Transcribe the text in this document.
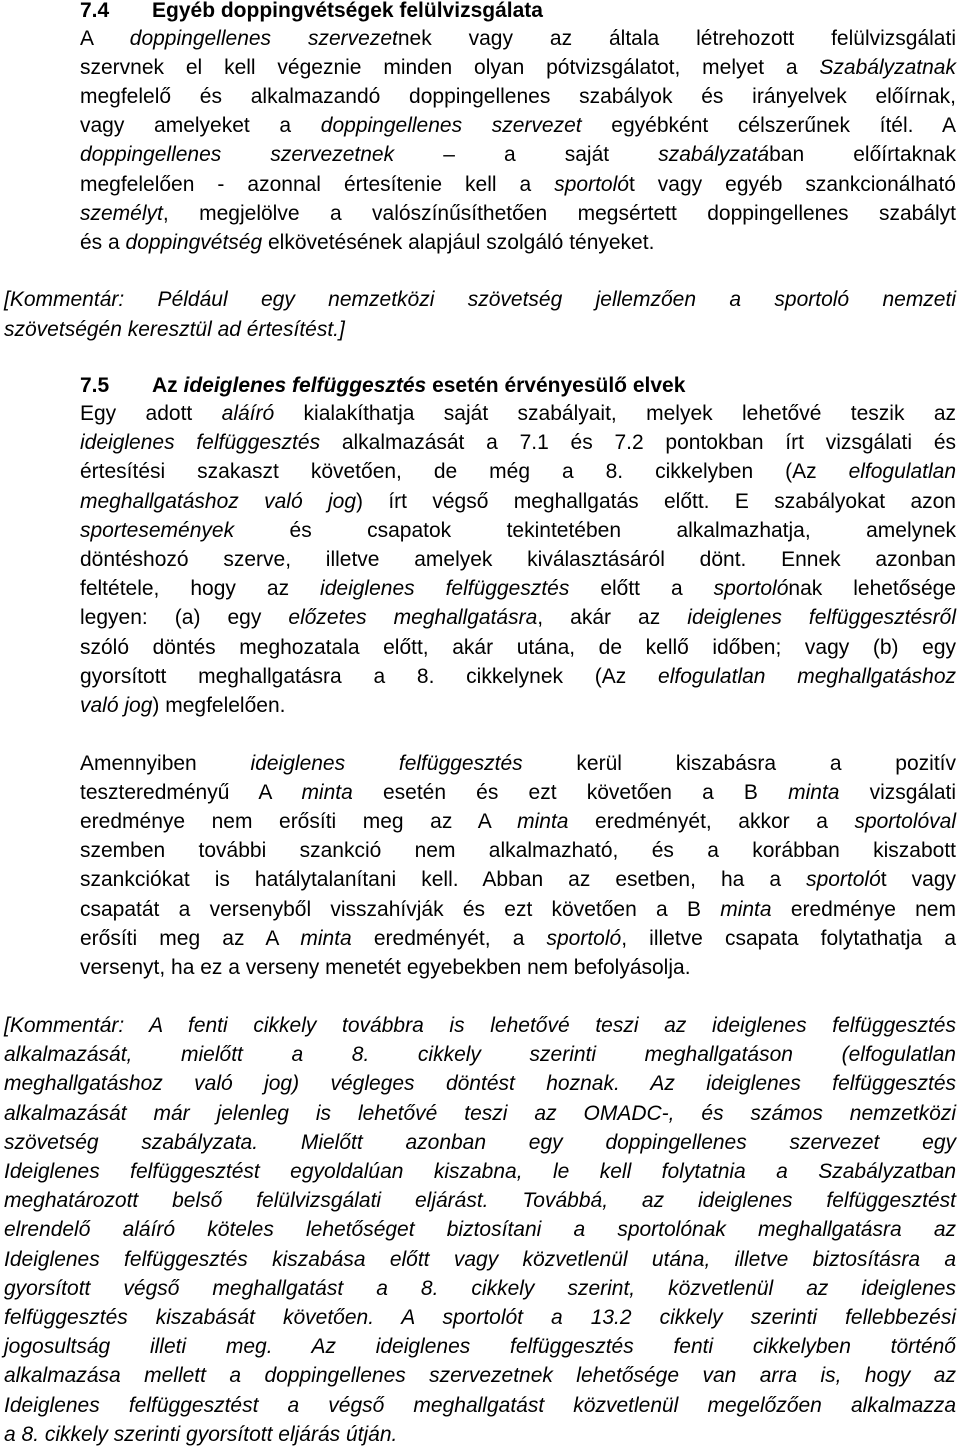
7.4 Egyéb doppingvétségek felülvizsgálata
A doppingellenes szervezetnek vagy az általa létrehozott felülvizsgálati
szervnek el kell végeznie minden olyan pótvizsgálatot, melyet a Szabályzatnak
megfelelő és alkalmazandó doppingellenes szabályok és irányelvek előírnak,
vagy amelyeket a doppingellenes szervezet egyébként célszerűnek ítél. A
doppingellenes szervezetnek – a saját szabályzatában előírtaknak
megfelelően - azonnal értesítenie kell a sportolót vagy egyéb szankcionálható
személyt, megjelölve a valószínűsíthetően megsértett doppingellenes szabályt
és a doppingvétség elkövetésének alapjául szolgáló tényeket.
[Kommentár: Például egy nemzetközi szövetség jellemzően a sportoló nemzeti
szövetségén keresztül ad értesítést.]
7.5 Az ideiglenes felfüggesztés esetén érvényesülő elvek
Egy adott aláíró kialakíthatja saját szabályait, melyek lehetővé teszik az
ideiglenes felfüggesztés alkalmazását a 7.1 és 7.2 pontokban írt vizsgálati és
értesítési szakaszt követően, de még a 8. cikkelyben (Az elfogulatlan
meghallgatáshoz való jog) írt végső meghallgatás előtt. E szabályokat azon
sportesemények és csapatok tekintetében alkalmazhatja, amelynek
döntéshozó szerve, illetve amelyek kiválasztásáról dönt. Ennek azonban
feltétele, hogy az ideiglenes felfüggesztés előtt a sportolónak lehetősége
legyen: (a) egy előzetes meghallgatásra, akár az ideiglenes felfüggesztésről
szóló döntés meghozatala előtt, akár utána, de kellő időben; vagy (b) egy
gyorsított meghallgatásra a 8. cikkelynek (Az elfogulatlan meghallgatáshoz
való jog) megfelelően.
Amennyiben ideiglenes felfüggesztés kerül kiszabásra a pozitív
teszteredményű A minta esetén és ezt követően a B minta vizsgálati
eredménye nem erősíti meg az A minta eredményét, akkor a sportolóval
szemben további szankció nem alkalmazható, és a korábban kiszabott
szankciókat is hatálytalanítani kell. Abban az esetben, ha a sportolót vagy
csapatát a versenyből visszahívják és ezt követően a B minta eredménye nem
erősíti meg az A minta eredményét, a sportoló, illetve csapata folytathatja a
versenyt, ha ez a verseny menetét egyebekben nem befolyásolja.
[Kommentár: A fenti cikkely továbbra is lehetővé teszi az ideiglenes felfüggesztés
alkalmazását, mielőtt a 8. cikkely szerinti meghallgatáson (elfogulatlan
meghallgatáshoz való jog) végleges döntést hoznak. Az ideiglenes felfüggesztés
alkalmazását már jelenleg is lehetővé teszi az OMADC-, és számos nemzetközi
szövetség szabályzata. Mielőtt azonban egy doppingellenes szervezet egy
Ideiglenes felfüggesztést egyoldalúan kiszabna, le kell folytatnia a Szabályzatban
meghatározott belső felülvizsgálati eljárást. Továbbá, az ideiglenes felfüggesztést
elrendelő aláíró köteles lehetőséget biztosítani a sportolónak meghallgatásra az
Ideiglenes felfüggesztés kiszabása előtt vagy közvetlenül utána, illetve biztosításra a
gyorsított végső meghallgatást a 8. cikkely szerint, közvetlenül az ideiglenes
felfüggesztés kiszabását követően. A sportolót a 13.2 cikkely szerinti fellebbezési
jogosultság illeti meg. Az ideiglenes felfüggesztés fenti cikkelyben történő
alkalmazása mellett a doppingellenes szervezetnek lehetősége van arra is, hogy az
Ideiglenes felfüggesztést a végső meghallgatást közvetlenül megelőzően alkalmazza
a 8. cikkely szerinti gyorsított eljárás útján.
